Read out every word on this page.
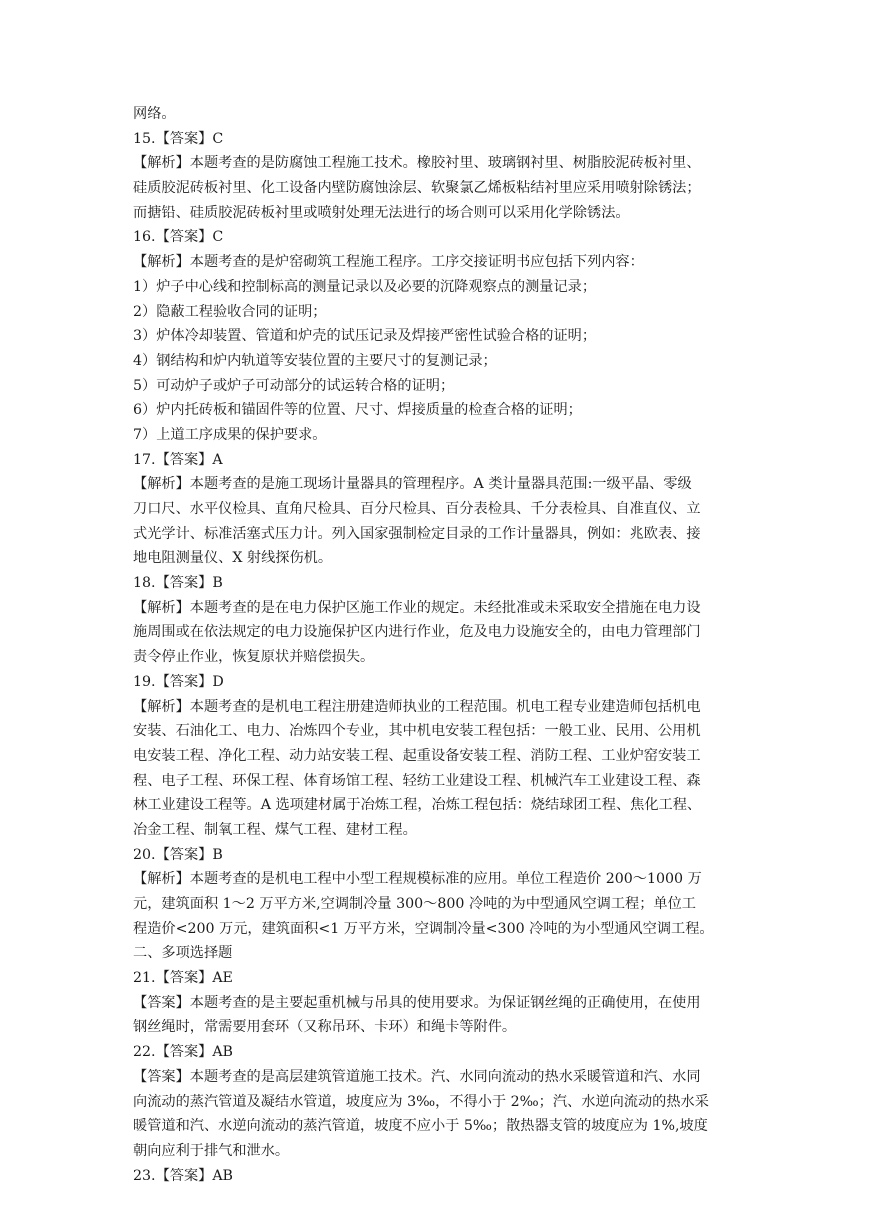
网络。
15.【答案】C
【解析】本题考查的是防腐蚀工程施工技术。橡胶衬里、玻璃钢衬里、树脂胶泥砖板衬里、
硅质胶泥砖板衬里、化工设备内壁防腐蚀涂层、软聚氯乙烯板粘结衬里应采用喷射除锈法；
而搪铅、硅质胶泥砖板衬里或喷射处理无法进行的场合则可以采用化学除锈法。
16.【答案】C
【解析】本题考查的是炉窑砌筑工程施工程序。工序交接证明书应包括下列内容：
1）炉子中心线和控制标高的测量记录以及必要的沉降观察点的测量记录；
2）隐蔽工程验收合同的证明；
3）炉体冷却装置、管道和炉壳的试压记录及焊接严密性试验合格的证明；
4）钢结构和炉内轨道等安装位置的主要尺寸的复测记录；
5）可动炉子或炉子可动部分的试运转合格的证明；
6）炉内托砖板和锚固件等的位置、尺寸、焊接质量的检查合格的证明；
7）上道工序成果的保护要求。
17.【答案】A
【解析】本题考查的是施工现场计量器具的管理程序。A 类计量器具范围:一级平晶、零级
刀口尺、水平仪检具、直角尺检具、百分尺检具、百分表检具、千分表检具、自准直仪、立
式光学计、标准活塞式压力计。列入国家强制检定目录的工作计量器具，例如：兆欧表、接
地电阻测量仪、X 射线探伤机。
18.【答案】B
【解析】本题考查的是在电力保护区施工作业的规定。未经批准或未采取安全措施在电力设
施周围或在依法规定的电力设施保护区内进行作业，危及电力设施安全的，由电力管理部门
责令停止作业，恢复原状并赔偿损失。
19.【答案】D
【解析】本题考查的是机电工程注册建造师执业的工程范围。机电工程专业建造师包括机电
安装、石油化工、电力、冶炼四个专业，其中机电安装工程包括：一般工业、民用、公用机
电安装工程、净化工程、动力站安装工程、起重设备安装工程、消防工程、工业炉窑安装工
程、电子工程、环保工程、体育场馆工程、轻纺工业建设工程、机械汽车工业建设工程、森
林工业建设工程等。A 选项建材属于冶炼工程，冶炼工程包括：烧结球团工程、焦化工程、
冶金工程、制氧工程、煤气工程、建材工程。
20.【答案】B
【解析】本题考查的是机电工程中小型工程规模标准的应用。单位工程造价 200～1000 万
元，建筑面积 1～2 万平方米,空调制冷量 300～800 冷吨的为中型通风空调工程；单位工
程造价<200 万元，建筑面积<1 万平方米，空调制冷量<300 冷吨的为小型通风空调工程。
二、多项选择题
21.【答案】AE
【答案】本题考查的是主要起重机械与吊具的使用要求。为保证钢丝绳的正确使用，在使用
钢丝绳时，常需要用套环（又称吊环、卡环）和绳卡等附件。
22.【答案】AB
【答案】本题考查的是高层建筑管道施工技术。汽、水同向流动的热水采暖管道和汽、水同
向流动的蒸汽管道及凝结水管道，坡度应为 3‰，不得小于 2‰；汽、水逆向流动的热水采
暖管道和汽、水逆向流动的蒸汽管道，坡度不应小于 5‰；散热器支管的坡度应为 1%,坡度
朝向应利于排气和泄水。
23.【答案】AB
